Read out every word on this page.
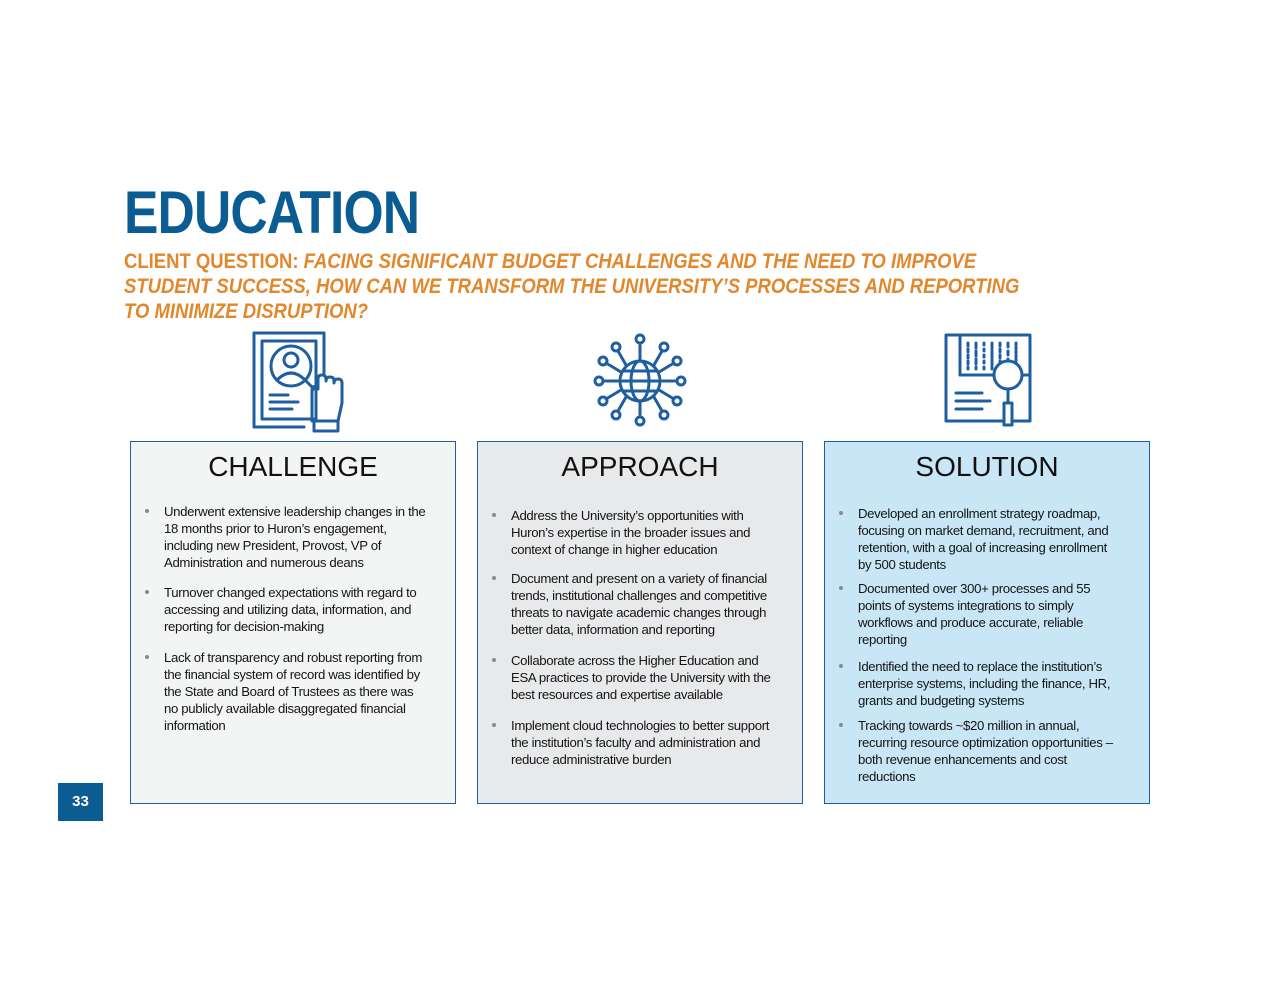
EDUCATION

CLIENT QUESTION: FACING SIGNIFICANT BUDGET CHALLENGES AND THE NEED TO IMPROVE
STUDENT SUCCESS, HOW CAN WE TRANSFORM THE UNIVERSITY’S PROCESSES AND REPORTING
TO MINIMIZE DISRUPTION?

CHALLENGE
Underwent extensive leadership changes in the
18 months prior to Huron’s engagement,
including new President, Provost, VP of
Administration and numerous deans
Turnover changed expectations with regard to
accessing and utilizing data, information, and
reporting for decision-making
Lack of transparency and robust reporting from
the financial system of record was identified by
the State and Board of Trustees as there was
no publicly available disaggregated financial
information
APPROACH
Address the University’s opportunities with
Huron’s expertise in the broader issues and
context of change in higher education
Document and present on a variety of financial
trends, institutional challenges and competitive
threats to navigate academic changes through
better data, information and reporting
Collaborate across the Higher Education and
ESA practices to provide the University with the
best resources and expertise available
Implement cloud technologies to better support
the institution’s faculty and administration and
reduce administrative burden
SOLUTION
Developed an enrollment strategy roadmap,
focusing on market demand, recruitment, and
retention, with a goal of increasing enrollment
by 500 students
Documented over 300+ processes and 55
points of systems integrations to simply
workflows and produce accurate, reliable
reporting
Identified the need to replace the institution’s
enterprise systems, including the finance, HR,
grants and budgeting systems
Tracking towards ~$20 million in annual,
recurring resource optimization opportunities –
both revenue enhancements and cost
reductions
33
